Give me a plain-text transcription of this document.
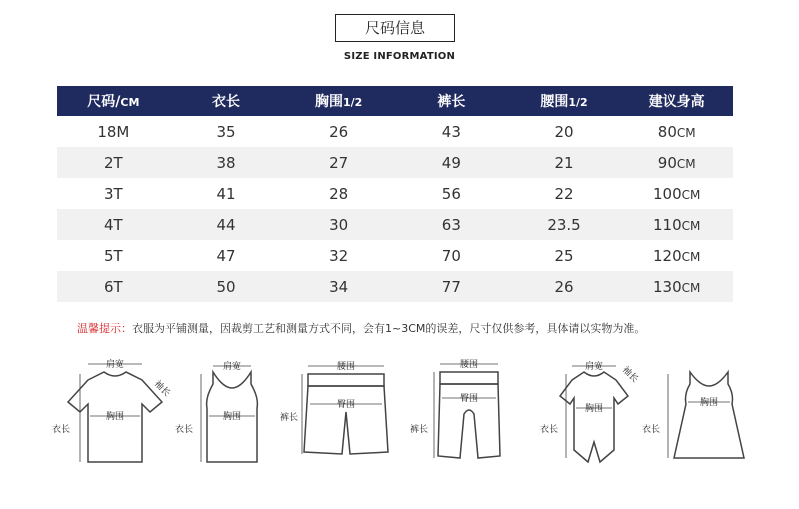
尺码信息
SIZE INFORMATION
尺码/CM	衣长	胸围1/2	裤长	腰围1/2	建议身高
18M	35	26	43	20	80CM
2T	38	27	49	21	90CM
3T	41	28	56	22	100CM
4T	44	30	63	23.5	110CM
5T	47	32	70	25	120CM
6T	50	34	77	26	130CM
温馨提示：衣服为平铺测量，因裁剪工艺和测量方式不同，会有1~3CM的误差，尺寸仅供参考，具体请以实物为准。
肩宽
袖长
胸围
衣长
肩宽
胸围
衣长
腰围
臀围
裤长
腰围
臀围
裤长
肩宽 袖长
胸围
衣长
胸围
衣长
